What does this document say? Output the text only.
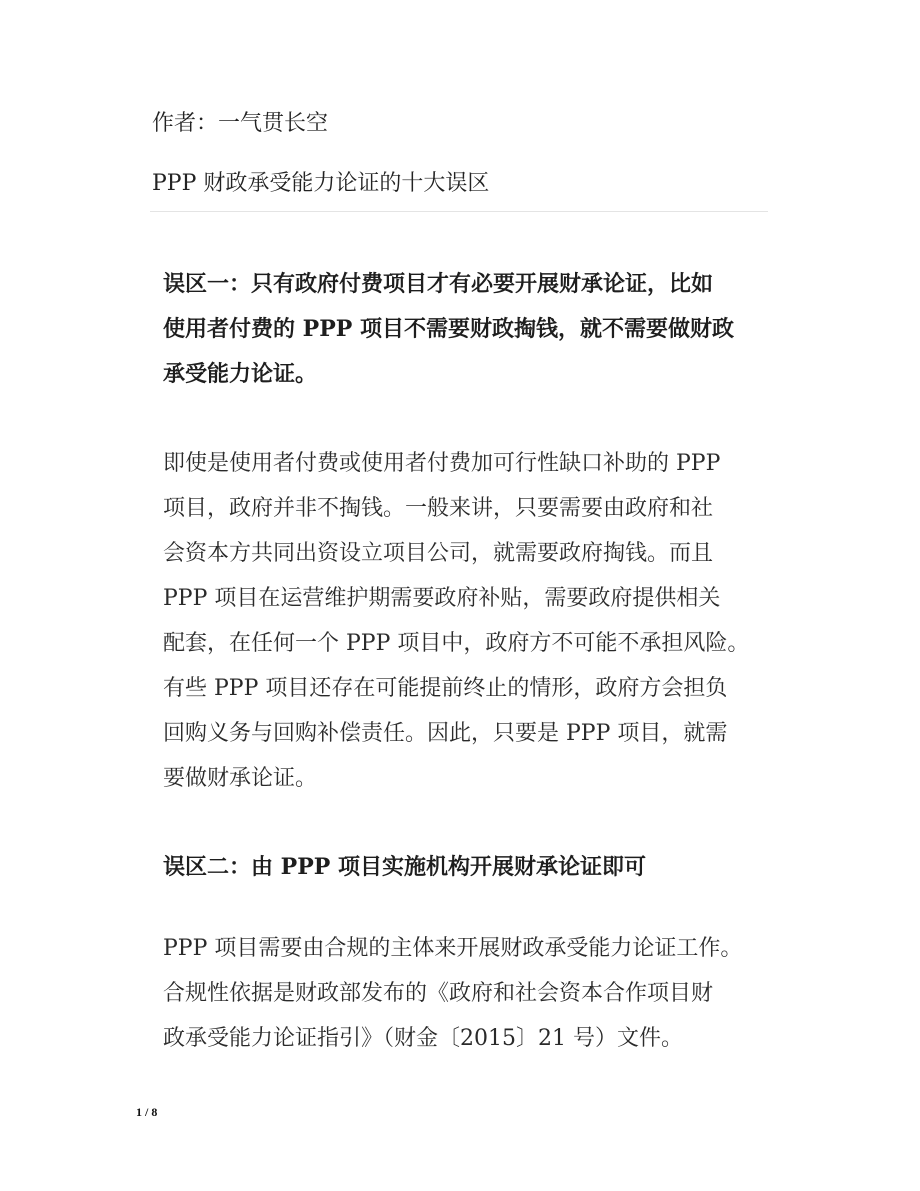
作者：一气贯长空
PPP 财政承受能力论证的十大误区
误区一：只有政府付费项目才有必要开展财承论证，比如
使用者付费的 PPP 项目不需要财政掏钱，就不需要做财政
承受能力论证。
即使是使用者付费或使用者付费加可行性缺口补助的 PPP
项目，政府并非不掏钱。一般来讲，只要需要由政府和社
会资本方共同出资设立项目公司，就需要政府掏钱。而且
PPP 项目在运营维护期需要政府补贴，需要政府提供相关
配套，在任何一个 PPP 项目中，政府方不可能不承担风险。
有些 PPP 项目还存在可能提前终止的情形，政府方会担负
回购义务与回购补偿责任。因此，只要是 PPP 项目，就需
要做财承论证。
误区二：由 PPP 项目实施机构开展财承论证即可
PPP 项目需要由合规的主体来开展财政承受能力论证工作。
合规性依据是财政部发布的《政府和社会资本合作项目财
政承受能力论证指引》（财金〔2015〕21 号）文件。
1 / 8
